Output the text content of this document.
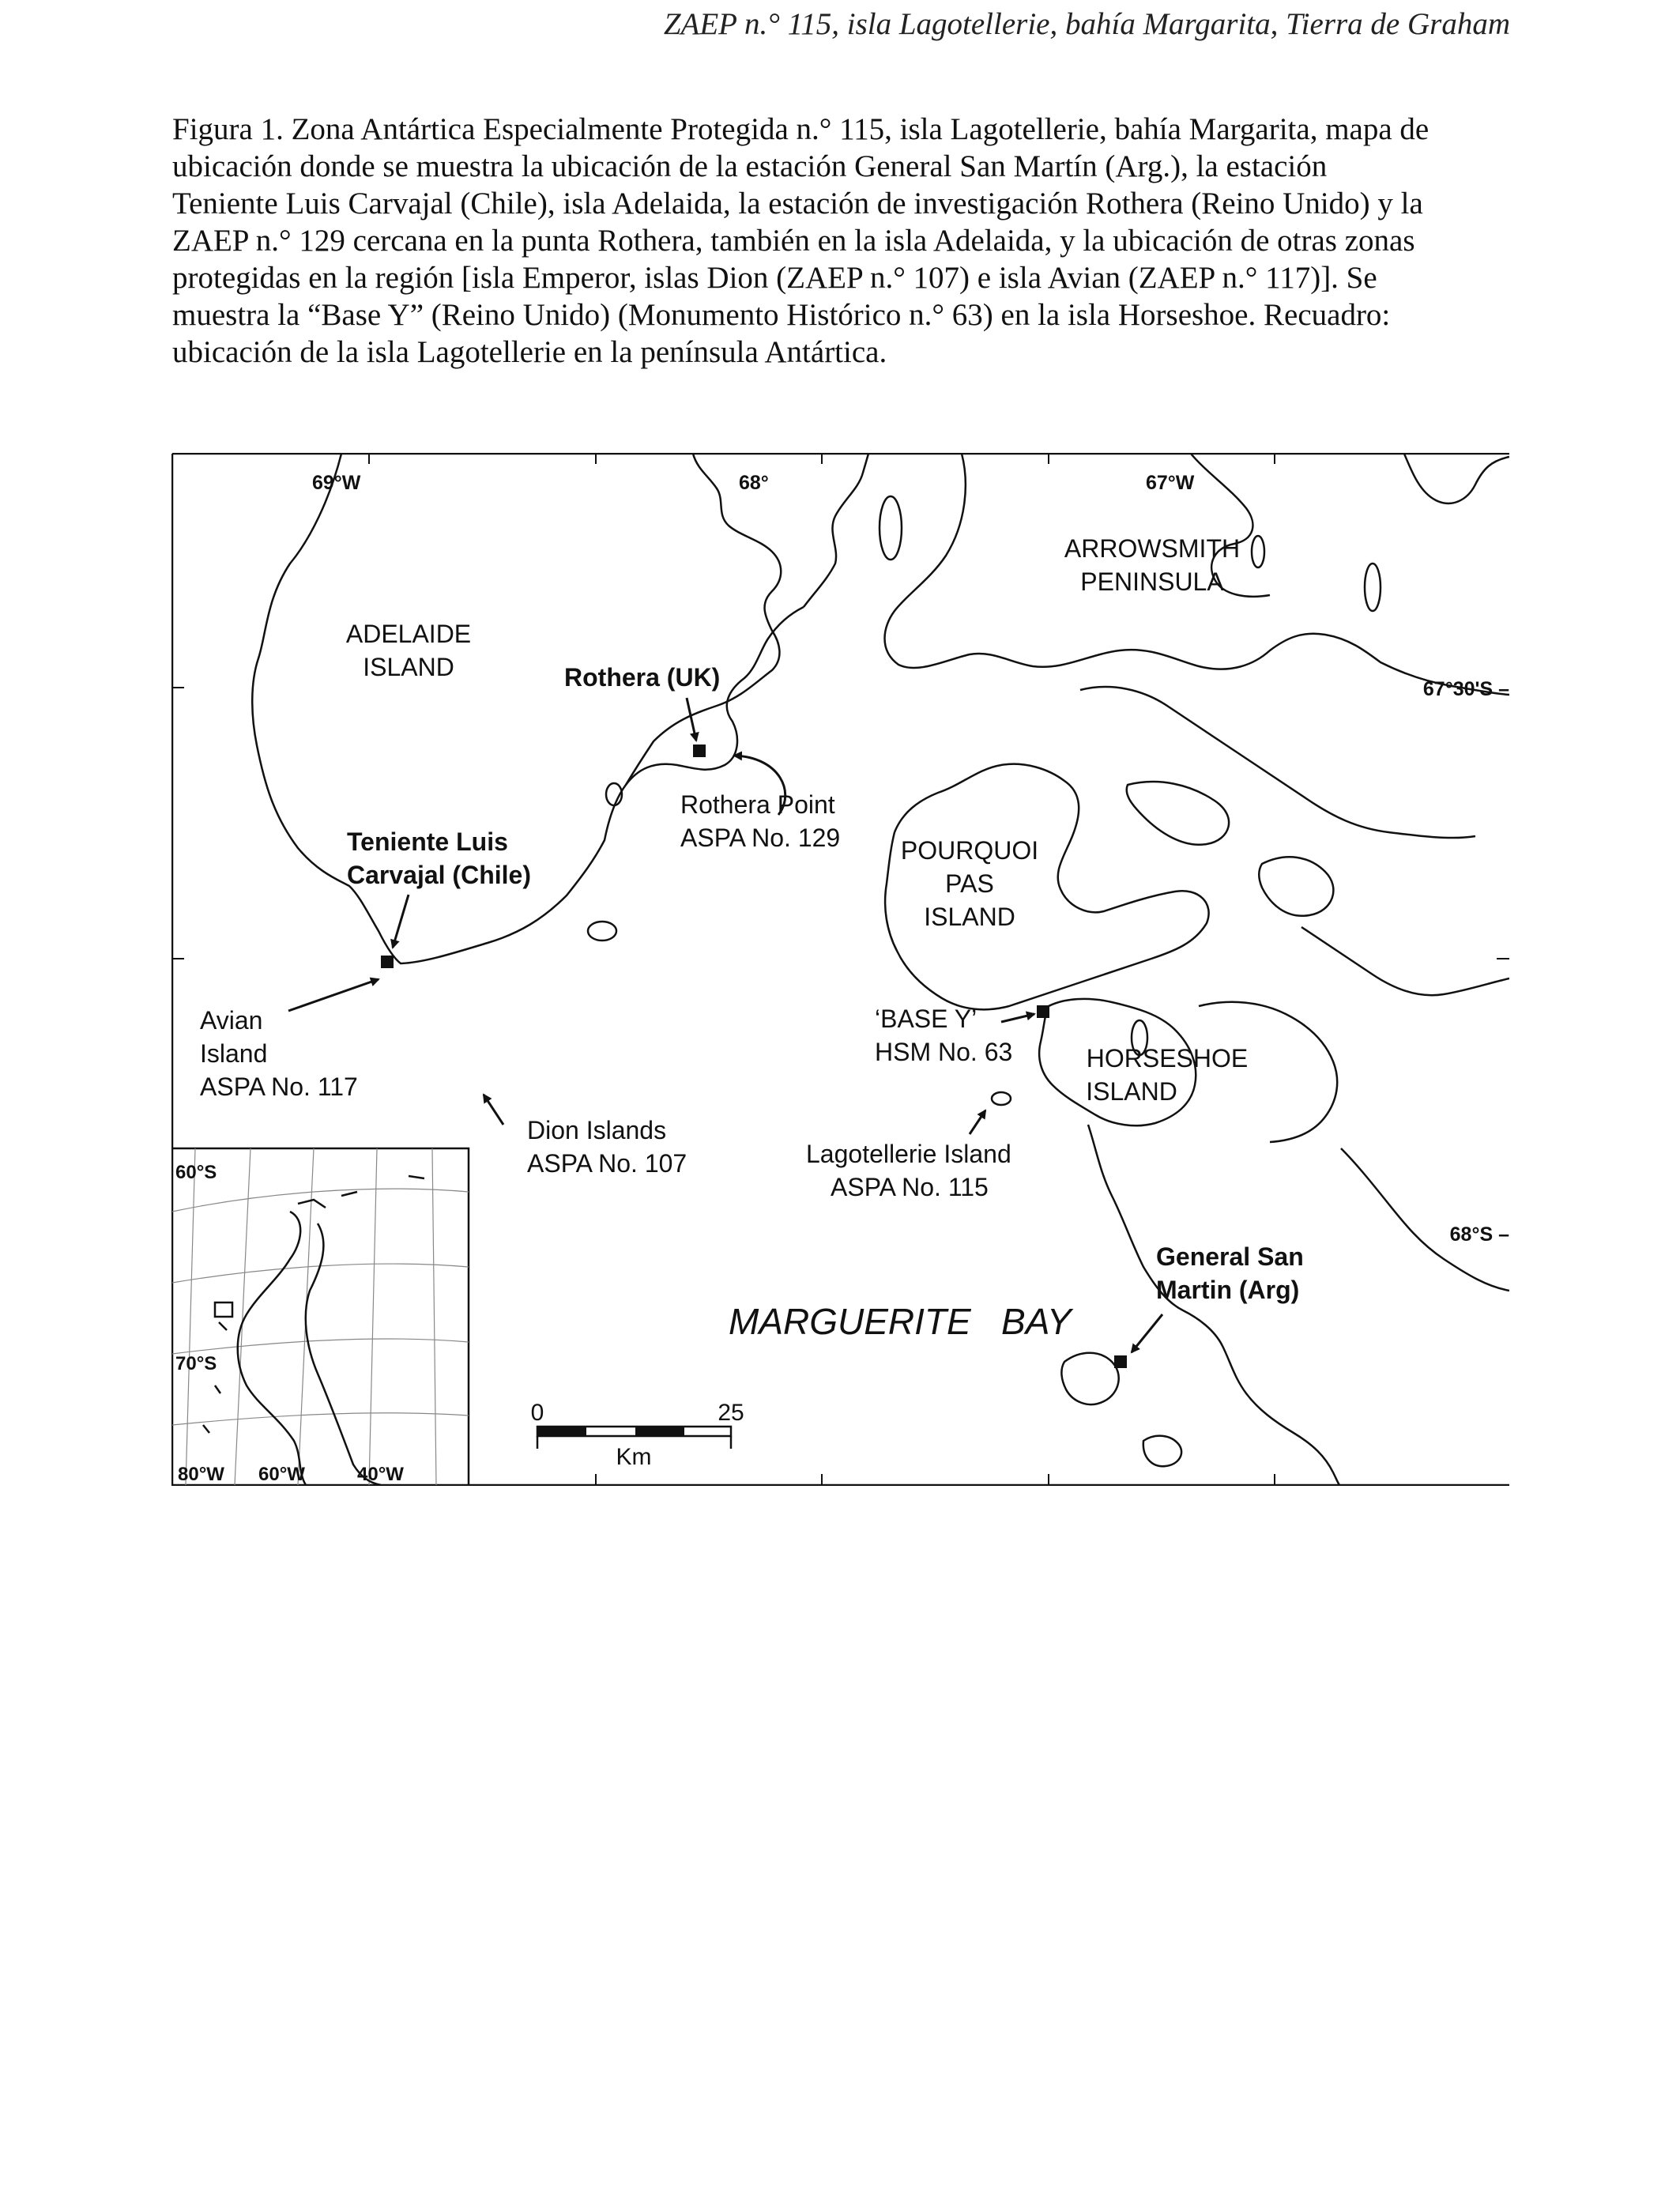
ZAEP n.° 115, isla Lagotellerie, bahía Margarita, Tierra de Graham

Figura 1. Zona Antártica Especialmente Protegida n.° 115, isla Lagotellerie, bahía Margarita, mapa de

ubicación donde se muestra la ubicación de la estación General San Martín (Arg.), la estación

Teniente Luis Carvajal (Chile), isla Adelaida, la estación de investigación Rothera (Reino Unido) y la

ZAEP n.° 129 cercana en la punta Rothera, también en la isla Adelaida, y la ubicación de otras zonas

protegidas en la región [isla Emperor, islas Dion (ZAEP n.° 107) e isla Avian (ZAEP n.° 117)]. Se

muestra la “Base Y” (Reino Unido) (Monumento Histórico n.° 63) en la isla Horseshoe. Recuadro:

ubicación de la isla Lagotellerie en la península Antártica.

ADELAIDE
ISLAND
ARROWSMITH
PENINSULA
POURQUOI
PAS
ISLAND
HORSESHOE
ISLAND
MARGUERITE   BAY
69°W	68°	67°W
67°30'S –
68°S –
Rothera (UK)
Teniente Luis
Carvajal (Chile)
General San
Martin (Arg)
Rothera Point
ASPA No. 129
Avian
Island
ASPA No. 117
Dion Islands
ASPA No. 107
‘BASE Y’
HSM No. 63
Lagotellerie Island
ASPA No. 115
0	25
Km
60°S
70°S
80°W 60°W	40°W
